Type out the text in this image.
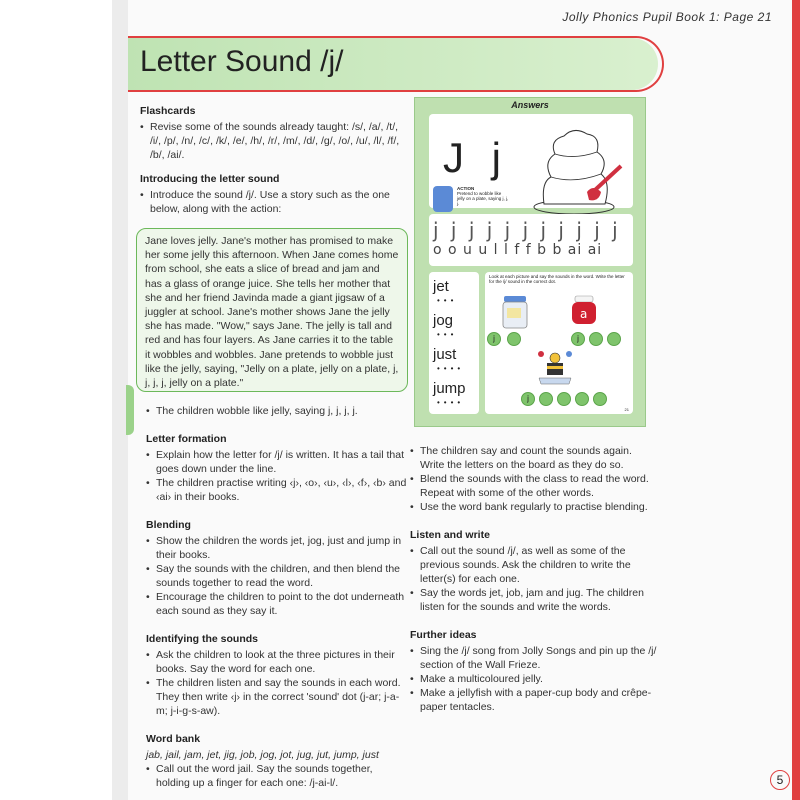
Jolly Phonics Pupil Book 1: Page 21
Letter Sound /j/
Flashcards
• Revise some of the sounds already taught: /s/, /a/, /t/, /i/, /p/, /n/, /c/, /k/, /e/, /h/, /r/, /m/, /d/, /g/, /o/, /u/, /l/, /f/, /b/, /ai/.
Introducing the letter sound
• Introduce the sound /j/. Use a story such as the one below, along with the action:
Jane loves jelly. Jane's mother has promised to make her some jelly this afternoon. When Jane comes home from school, she eats a slice of bread and jam and has a glass of orange juice. She tells her mother that she and her friend Javinda made a giant jigsaw of a juggler at school. Jane's mother shows Jane the jelly she has made. "Wow," says Jane. The jelly is tall and red and has four layers. As Jane carries it to the table it wobbles and wobbles. Jane pretends to wobble just like the jelly, saying, "Jelly on a plate, jelly on a plate, j, j, j, j, jelly on a plate."
• The children wobble like jelly, saying j, j, j, j.
Letter formation
• Explain how the letter for /j/ is written. It has a tail that goes down under the line.
• The children practise writing ‹j›, ‹o›, ‹u›, ‹l›, ‹f›, ‹b› and ‹ai› in their books.
Blending
• Show the children the words jet, jog, just and jump in their books.
• Say the sounds with the children, and then blend the sounds together to read the word.
• Encourage the children to point to the dot underneath each sound as they say it.
Identifying the sounds
• Ask the children to look at the three pictures in their books. Say the word for each one.
• The children listen and say the sounds in each word. They then write ‹j› in the correct 'sound' dot (j-ar; j-a-m; j-i-g-s-aw).
Word bank
jab, jail, jam, jet, jig, job, jog, jot, jug, jut, jump, just
• Call out the word jail. Say the sounds together, holding up a finger for each one: /j-ai-l/.
Answers
J j
ACTION
Pretend to wobble like jelly on a plate, saying j, j, j.
j j j j j j j j j j j
o o u u l l f f b b ai ai
jet
•••
jog
•••
just
••••
jump
••••
Look at each picture and say the sounds in the word. Write the letter for the /j/ sound in the correct dot.
a
j	j
j
21
• The children say and count the sounds again. Write the letters on the board as they do so.
• Blend the sounds with the class to read the word. Repeat with some of the other words.
• Use the word bank regularly to practise blending.
Listen and write
• Call out the sound /j/, as well as some of the previous sounds. Ask the children to write the letter(s) for each one.
• Say the words jet, job, jam and jug. The children listen for the sounds and write the words.
Further ideas
• Sing the /j/ song from Jolly Songs and pin up the /j/ section of the Wall Frieze.
• Make a multicoloured jelly.
• Make a jellyfish with a paper-cup body and crêpe-paper tentacles.
5
